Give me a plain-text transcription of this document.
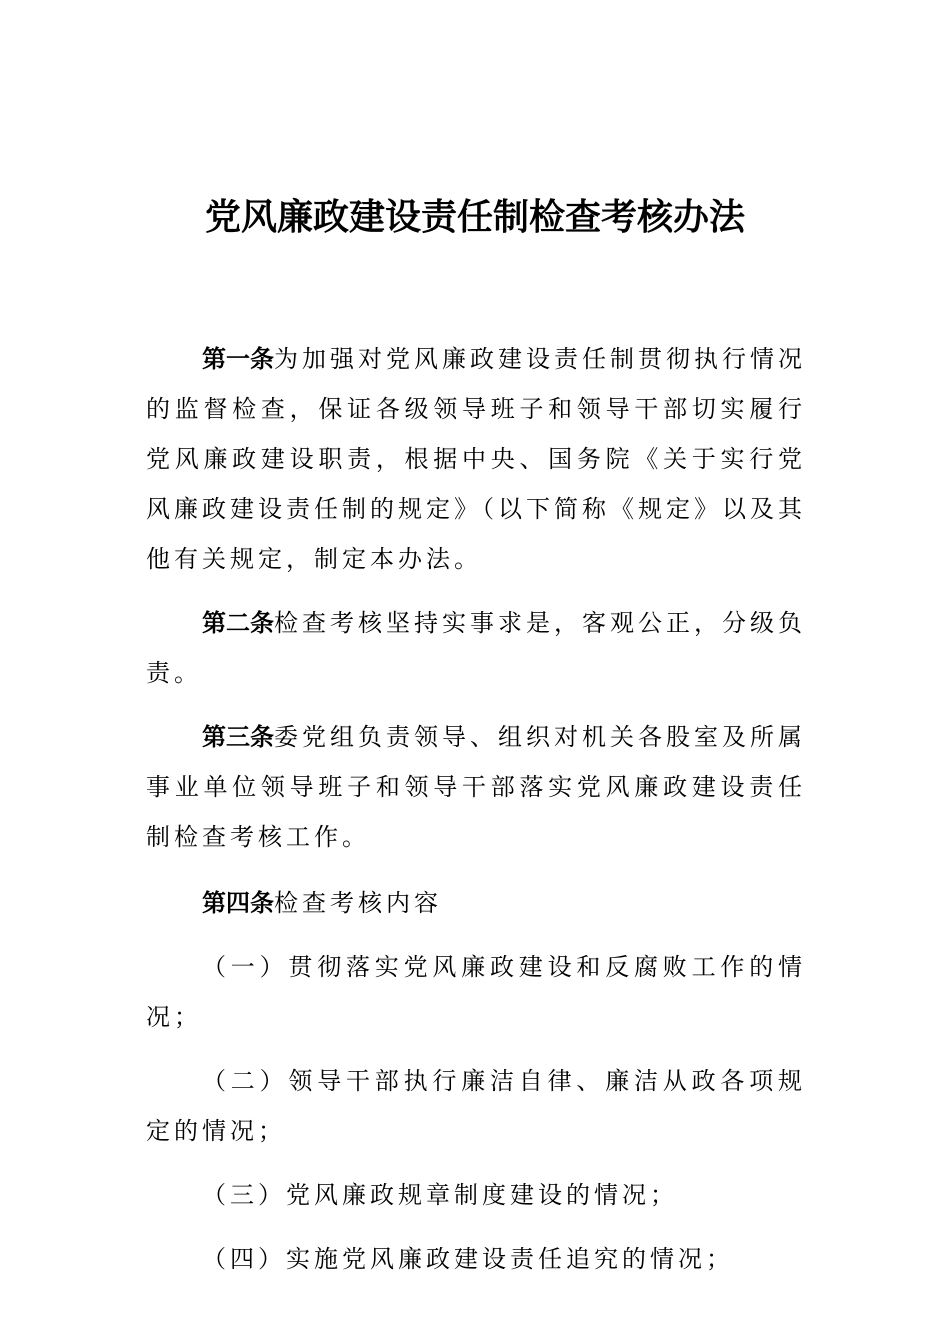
党风廉政建设责任制检查考核办法

第一条为加强对党风廉政建设责任制贯彻执行情况的监督检查，保证各级领导班子和领导干部切实履行党风廉政建设职责，根据中央、国务院《关于实行党风廉政建设责任制的规定》（以下简称《规定》以及其他有关规定，制定本办法。

第二条检查考核坚持实事求是，客观公正，分级负责。

第三条委党组负责领导、组织对机关各股室及所属事业单位领导班子和领导干部落实党风廉政建设责任制检查考核工作。

第四条检查考核内容

（一）贯彻落实党风廉政建设和反腐败工作的情况；

（二）领导干部执行廉洁自律、廉洁从政各项规定的情况；

（三）党风廉政规章制度建设的情况；

（四）实施党风廉政建设责任追究的情况；
